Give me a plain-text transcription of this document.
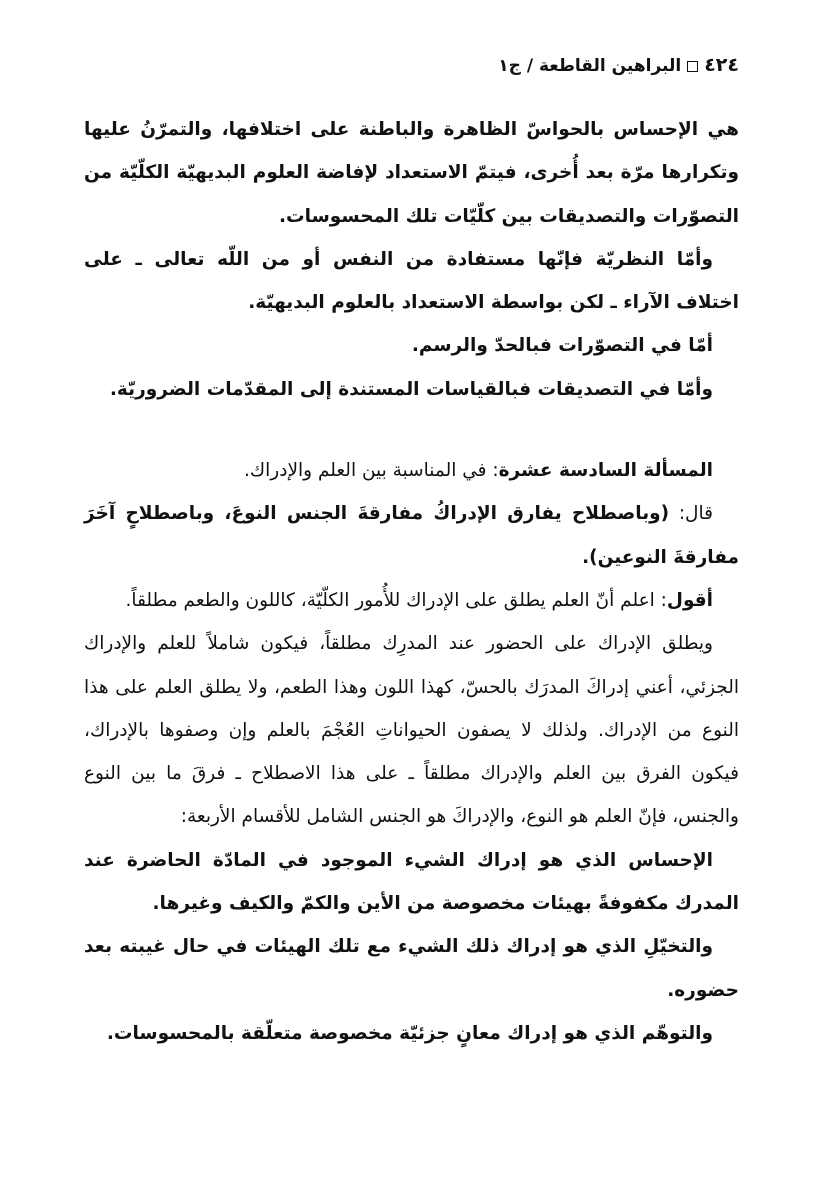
٤٢٤البراهين القاطعة / ج١

هي الإحساس بالحواسّ الظاهرة والباطنة على اختلافها، والتمرّنُ عليها وتكرارها مرّة بعد أُخرى، فيتمّ الاستعداد لإفاضة العلوم البديهيّة الكلّيّة من التصوّرات والتصديقات بين كلّيّات تلك المحسوسات.

وأمّا النظريّة فإنّها مستفادة من النفس أو من اللّه تعالى ـ على اختلاف الآراء ـ لكن بواسطة الاستعداد بالعلوم البديهيّة.

أمّا في التصوّرات فبالحدّ والرسم.

وأمّا في التصديقات فبالقياسات المستندة إلى المقدّمات الضروريّة.

المسألة السادسة عشرة: في المناسبة بين العلم والإدراك.

قال: (وباصطلاح يفارق الإدراكُ مفارقةَ الجنس النوعَ، وباصطلاحٍ آخَرَ مفارقةَ النوعين).

أقول: اعلم أنّ العلم يطلق على الإدراك للأُمور الكلّيّة، كاللون والطعم مطلقاً.

ويطلق الإدراك على الحضور عند المدرِك مطلقاً، فيكون شاملاً للعلم والإدراك الجزئي، أعني إدراكَ المدرَك بالحسّ، كهذا اللون وهذا الطعم، ولا يطلق العلم على هذا النوع من الإدراك. ولذلك لا يصفون الحيواناتِ العُجْمَ بالعلم وإن وصفوها بالإدراك، فيكون الفرق بين العلم والإدراك مطلقاً ـ على هذا الاصطلاح ـ فرقَ ما بين النوع والجنس، فإنّ العلم هو النوع، والإدراكَ هو الجنس الشامل للأقسام الأربعة:

الإحساس الذي هو إدراك الشيء الموجود في المادّة الحاضرة عند المدرك مكفوفةً بهيئات مخصوصة من الأين والكمّ والكيف وغيرها.

والتخيّلِ الذي هو إدراك ذلك الشيء مع تلك الهيئات في حال غيبته بعد حضوره.

والتوهّم الذي هو إدراك معانٍ جزئيّة مخصوصة متعلّقة بالمحسوسات.
